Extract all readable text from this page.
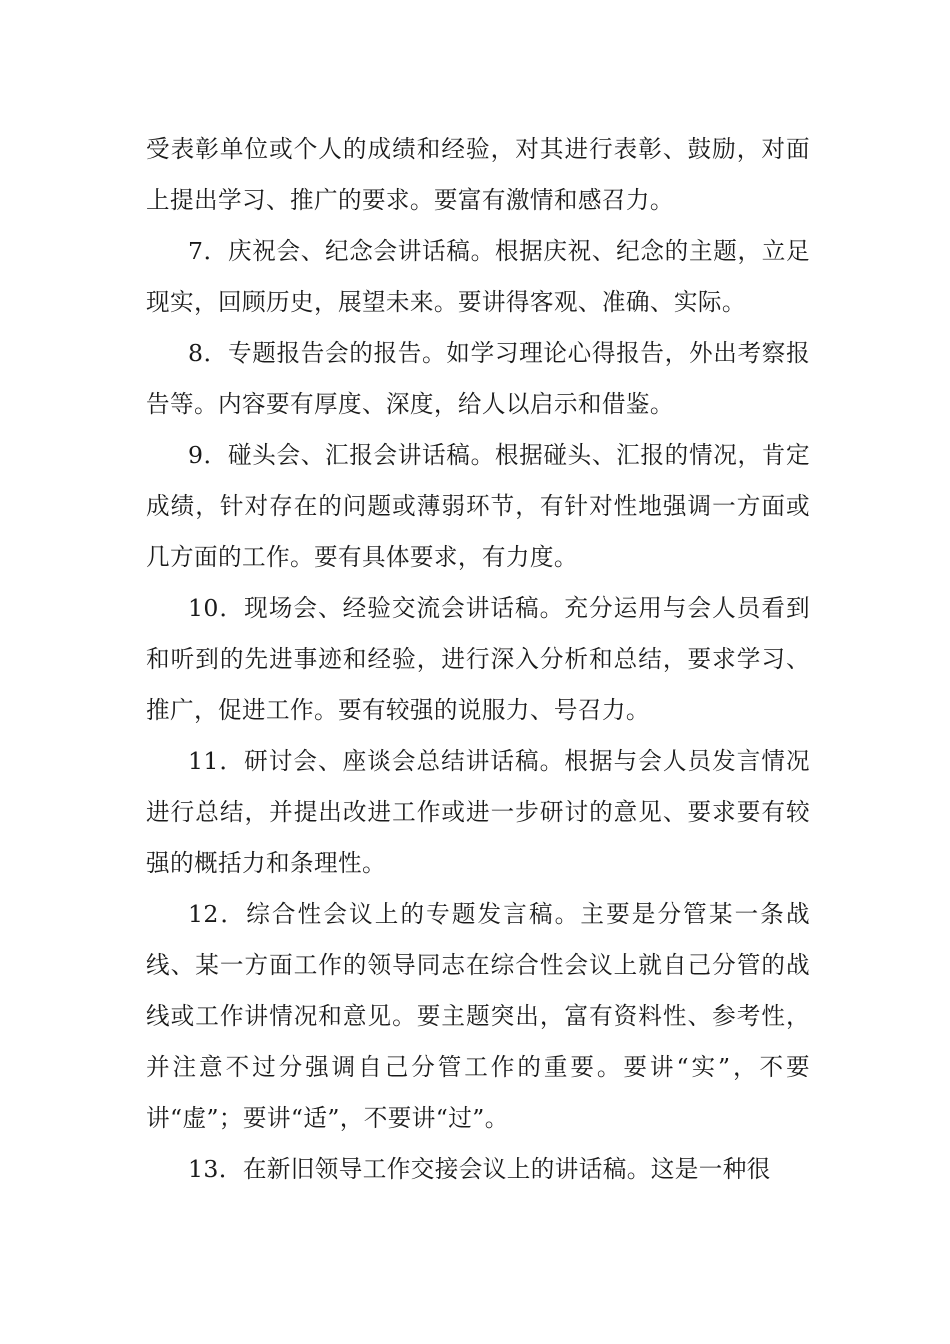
受表彰单位或个人的成绩和经验，对其进行表彰、鼓励，对面上提出学习、推广的要求。要富有激情和感召力。

7．庆祝会、纪念会讲话稿。根据庆祝、纪念的主题，立足现实，回顾历史，展望未来。要讲得客观、准确、实际。

8．专题报告会的报告。如学习理论心得报告，外出考察报告等。内容要有厚度、深度，给人以启示和借鉴。

9．碰头会、汇报会讲话稿。根据碰头、汇报的情况，肯定成绩，针对存在的问题或薄弱环节，有针对性地强调一方面或几方面的工作。要有具体要求，有力度。

10．现场会、经验交流会讲话稿。充分运用与会人员看到和听到的先进事迹和经验，进行深入分析和总结，要求学习、推广，促进工作。要有较强的说服力、号召力。

11．研讨会、座谈会总结讲话稿。根据与会人员发言情况进行总结，并提出改进工作或进一步研讨的意见、要求要有较强的概括力和条理性。

12．综合性会议上的专题发言稿。主要是分管某一条战线、某一方面工作的领导同志在综合性会议上就自己分管的战线或工作讲情况和意见。要主题突出，富有资料性、参考性，并注意不过分强调自己分管工作的重要。要讲“实”，不要讲“虚”；要讲“适”，不要讲“过”。

13．在新旧领导工作交接会议上的讲话稿。这是一种很
